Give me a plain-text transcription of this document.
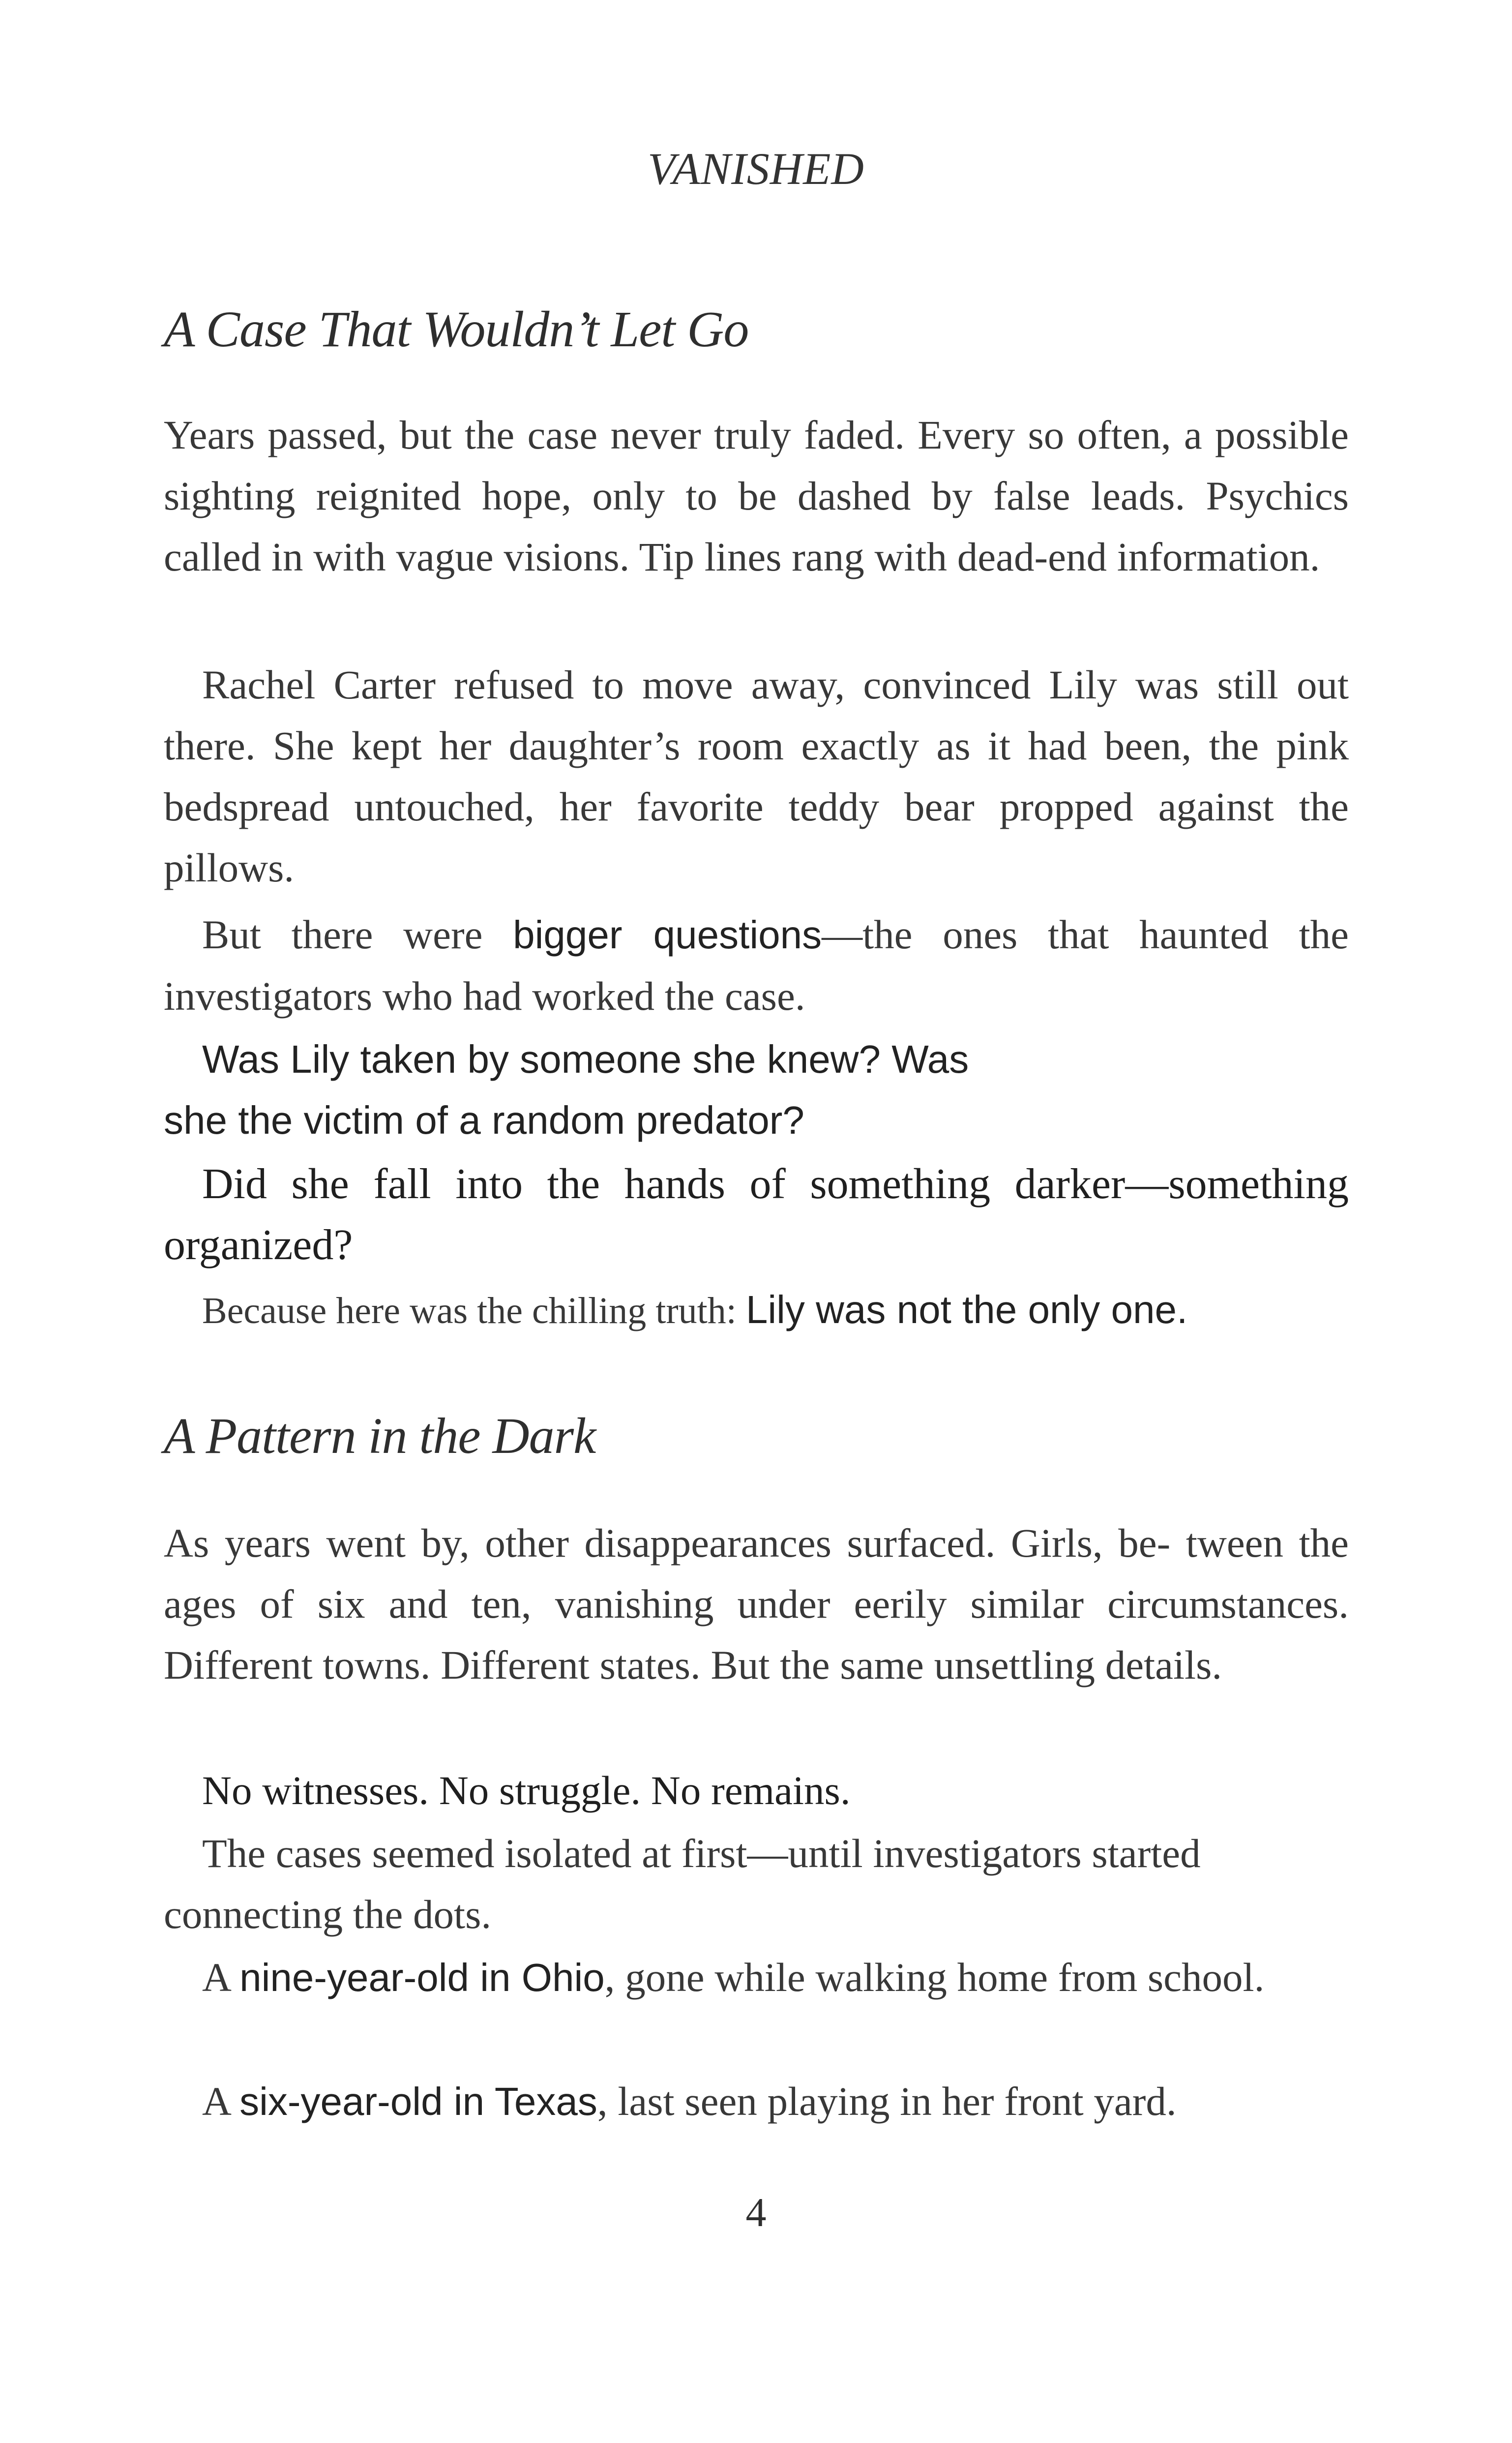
VANISHED
A Case That Wouldn’t Let Go

Years passed, but the case never truly faded. Every so often, a possible sighting reignited hope, only to be dashed by false leads. Psychics called in with vague visions. Tip lines rang with dead-end information.

Rachel Carter refused to move away, convinced Lily was still out there. She kept her daughter’s room exactly as it had been, the pink bedspread untouched, her favorite teddy bear propped against the pillows.

But there were bigger questions—the ones that haunted the investigators who had worked the case.

Was Lily taken by someone she knew? Was she the victim of a random predator?

Did she fall into the hands of something darker—something organized?

Because here was the chilling truth: Lily was not the only one.

A Pattern in the Dark

As years went by, other disappearances surfaced. Girls, be- tween the ages of six and ten, vanishing under eerily similar circumstances. Different towns. Different states. But the same unsettling details.

No witnesses. No struggle. No remains.

The cases seemed isolated at first—until investigators started connecting the dots.

A nine-year-old in Ohio, gone while walking home from school.

A six-year-old in Texas, last seen playing in her front yard.

4
